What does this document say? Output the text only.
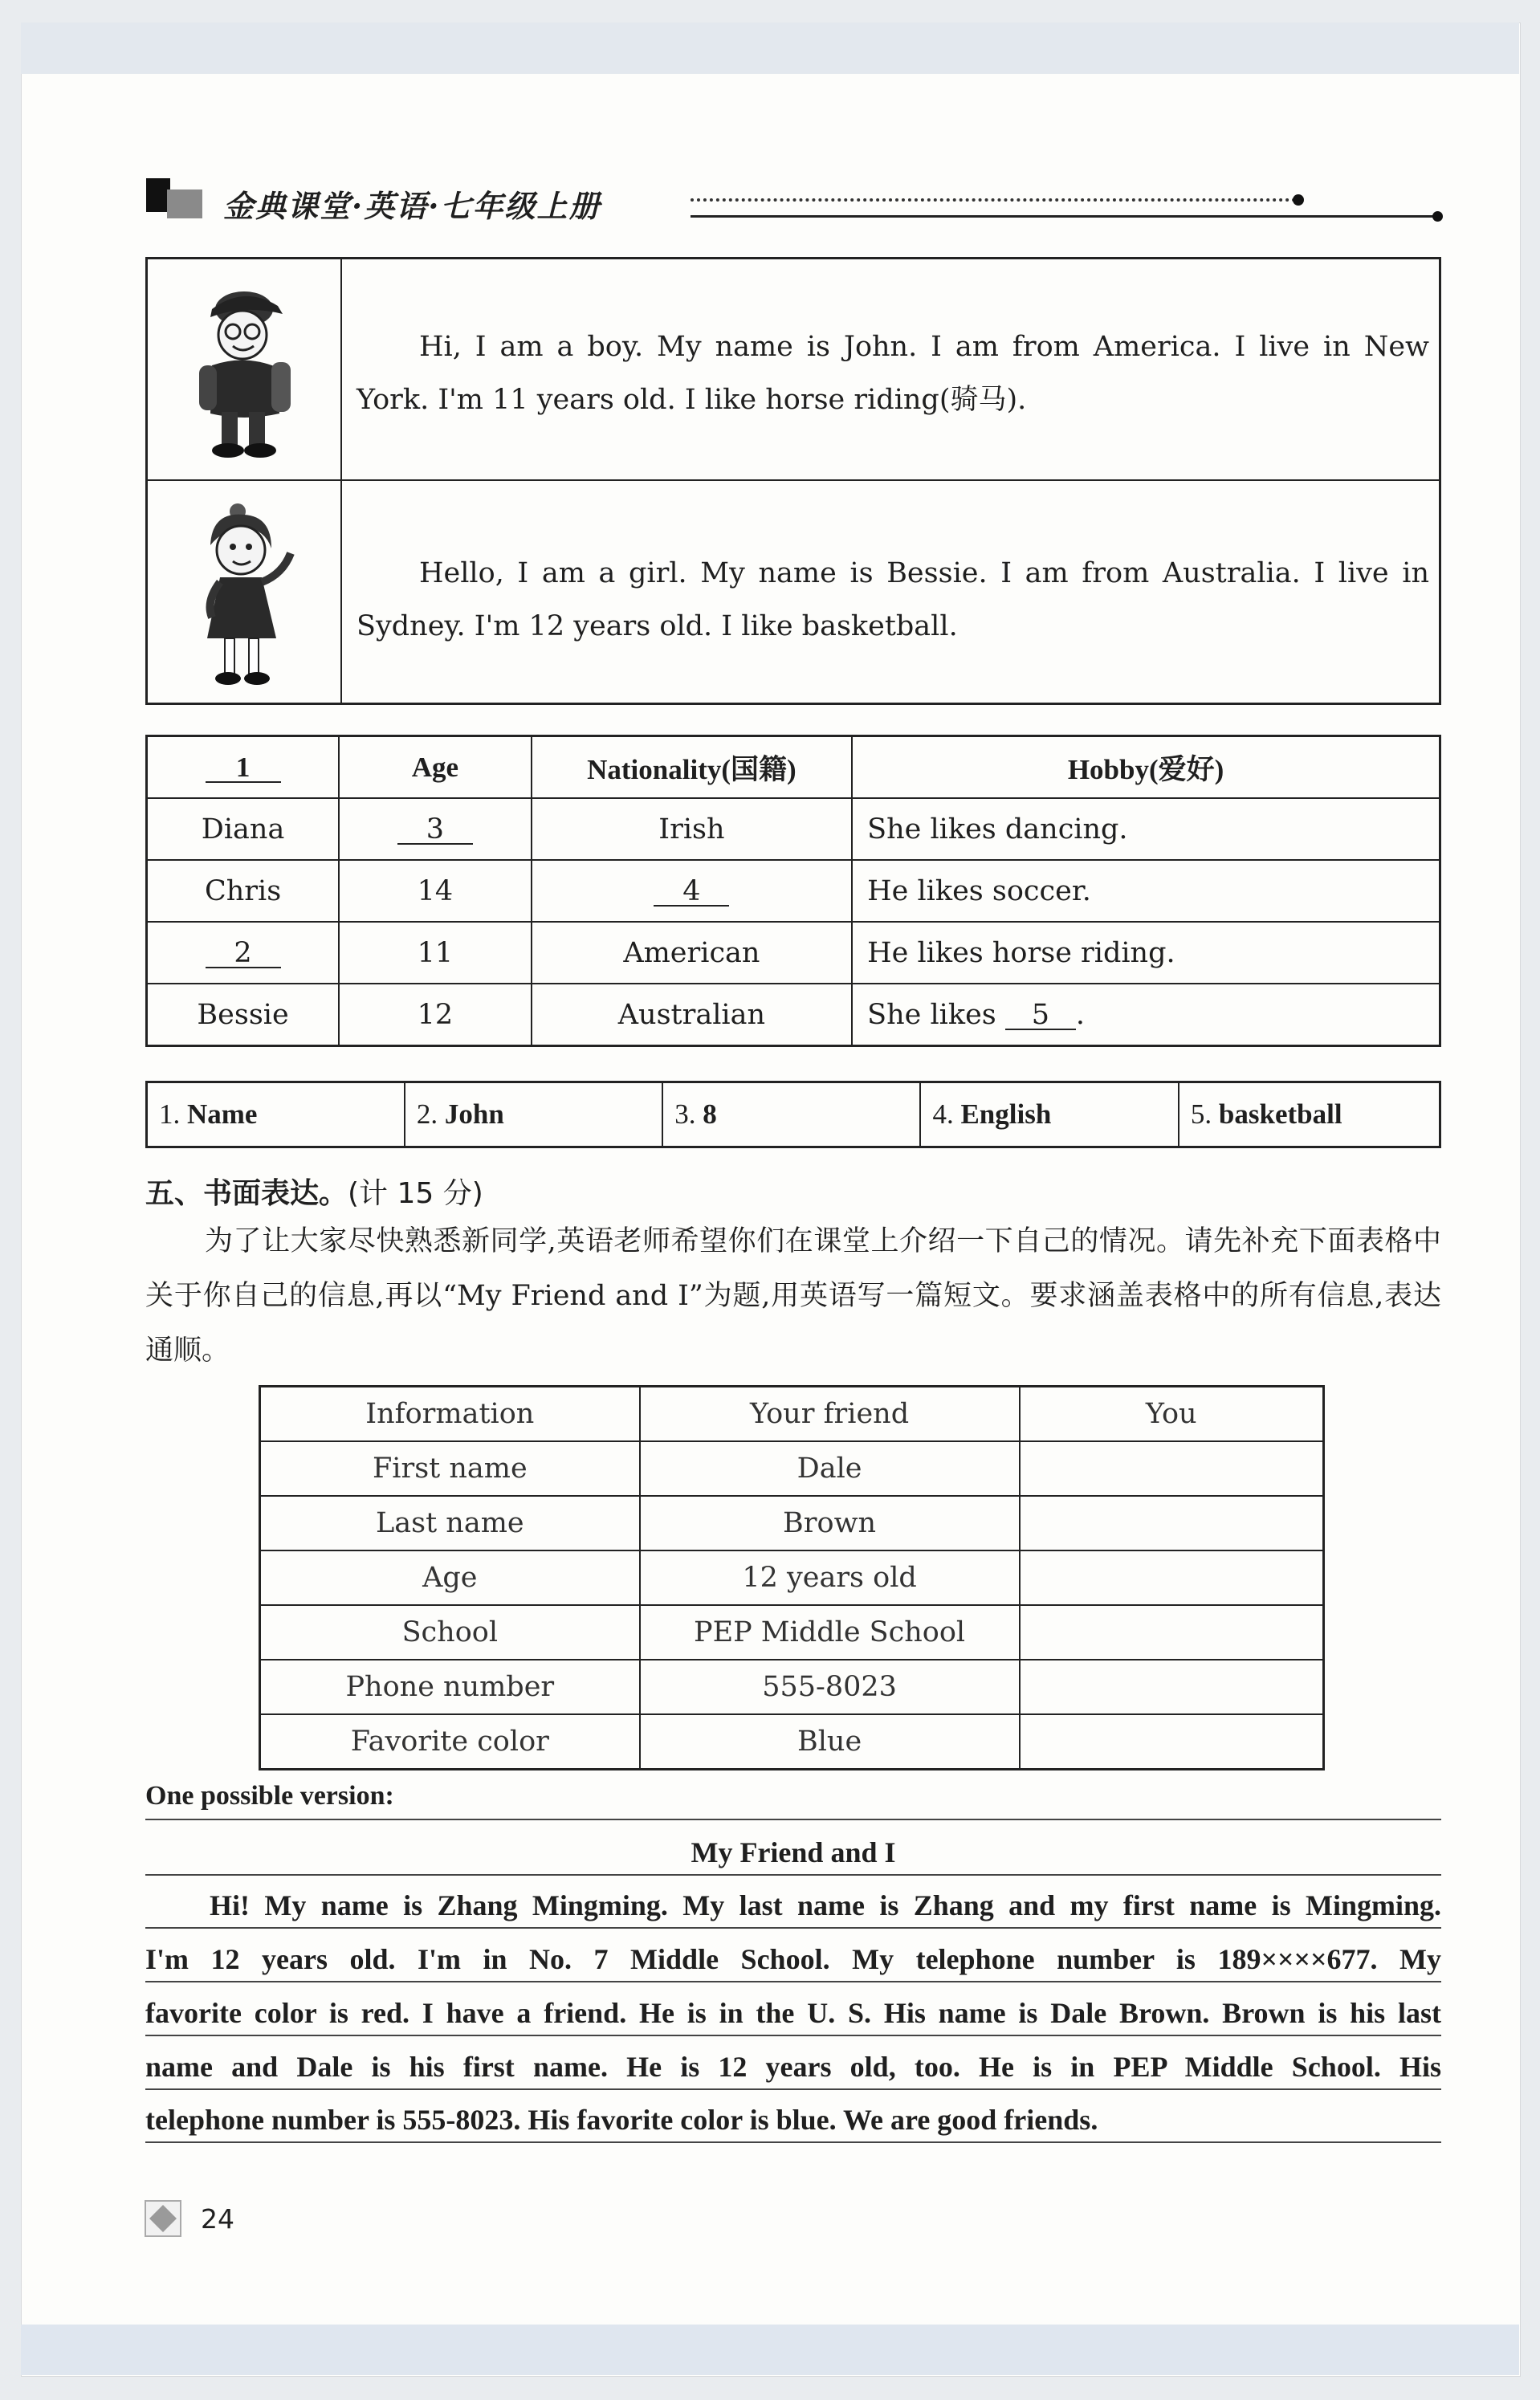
金典课堂·英语·七年级上册
Hi, I am a boy. My name is John. I am from America. I live in New York. I'm 11 years old. I like horse riding(骑马).
Hello, I am a girl. My name is Bessie. I am from Australia. I live in Sydney. I'm 12 years old. I like basketball.
1	Age	Nationality(国籍)	Hobby(爱好)
Diana	3	Irish	She likes dancing.
Chris	14	4	He likes soccer.
2	11	American	He likes horse riding.
Bessie	12	Australian	She likes 5 .
1. Name	2. John	3. 8	4. English	5. basketball
五、书面表达。(计 15 分)
为了让大家尽快熟悉新同学,英语老师希望你们在课堂上介绍一下自己的情况。请先补充下面表格中关于你自己的信息,再以“My Friend and I”为题,用英语写一篇短文。要求涵盖表格中的所有信息,表达通顺。
Information	Your friend	You
First name	Dale	
Last name	Brown	
Age	12 years old	
School	PEP Middle School	
Phone number	555-8023	
Favorite color	Blue	
One possible version:
My Friend and I
Hi! My name is Zhang Mingming. My last name is Zhang and my first name is Mingming.
I'm 12 years old. I'm in No. 7 Middle School. My telephone number is 189××××677. My
favorite color is red. I have a friend. He is in the U. S. His name is Dale Brown. Brown is his last
name and Dale is his first name. He is 12 years old, too. He is in PEP Middle School. His
telephone number is 555-8023. His favorite color is blue. We are good friends.
24
